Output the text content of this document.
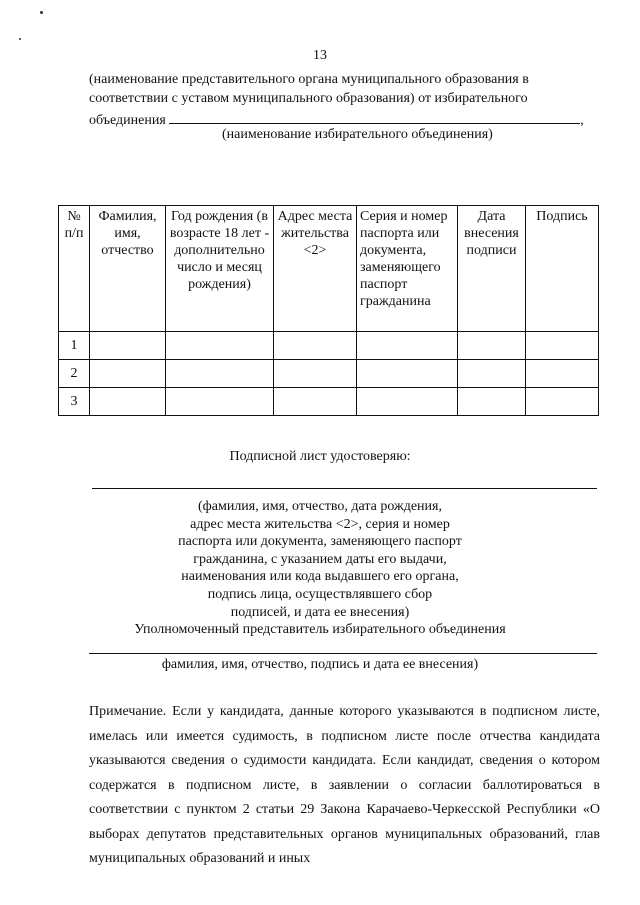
13
(наименование представительного органа муниципального образования в
соответствии с уставом муниципального образования) от избирательного
объединения	,
(наименование избирательного объединения)
№ п/п	Фамилия, имя, отчество	Год рождения (в возрасте 18 лет - дополнительно число и месяц рождения)	Адрес места жительства <2>	Серия и номер паспорта или документа, заменяющего паспорт гражданина	Дата внесения подписи	Подпись
1						
2						
3						
Подписной лист удостоверяю:
(фамилия, имя, отчество, дата рождения,
адрес места жительства <2>, серия и номер
паспорта или документа, заменяющего паспорт
гражданина, с указанием даты его выдачи,
наименования или кода выдавшего его органа,
подпись лица, осуществлявшего сбор
подписей, и дата ее внесения)
Уполномоченный представитель избирательного объединения
фамилия, имя, отчество, подпись и дата ее внесения)
Примечание. Если у кандидата, данные которого указываются в подписном листе, имелась или имеется судимость, в подписном листе после отчества кандидата указываются сведения о судимости кандидата. Если кандидат, сведения о котором содержатся в подписном листе, в заявлении о согласии баллотироваться в соответствии с пунктом 2 статьи 29 Закона Карачаево-Черкесской Республики «О выборах депутатов представительных органов муниципальных образований, глав муниципальных образований и иных
